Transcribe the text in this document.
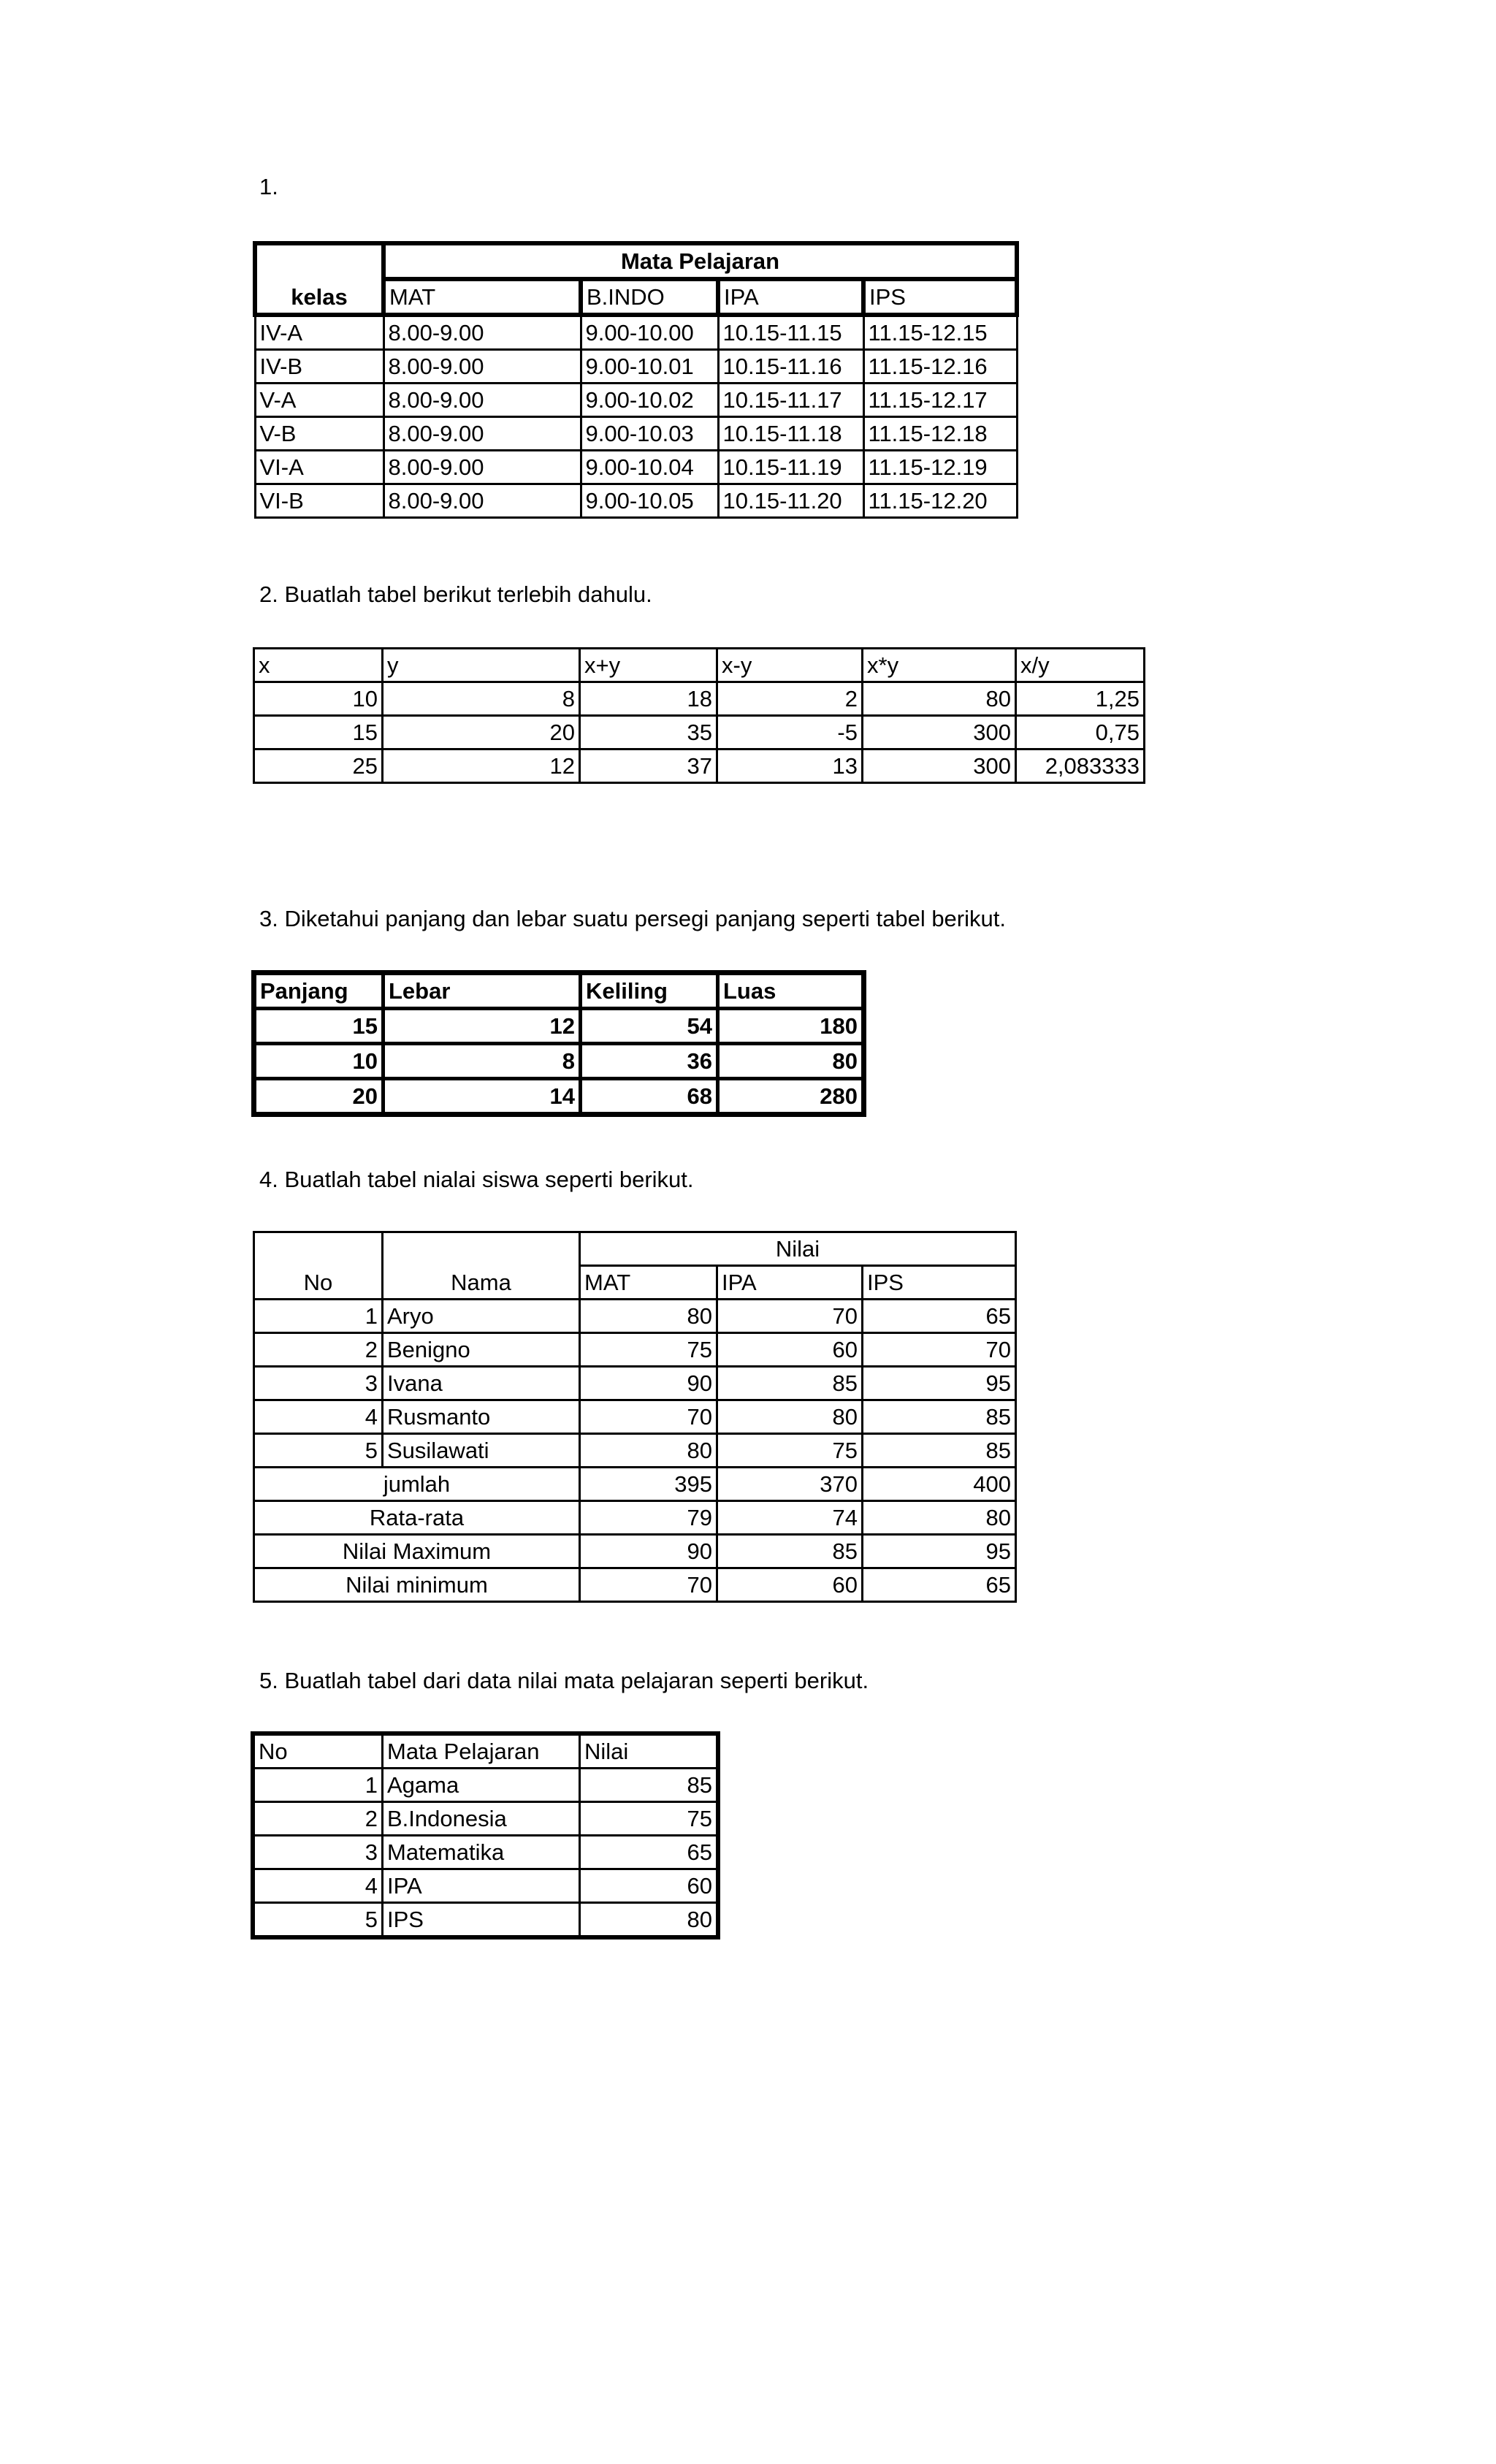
1.
kelas	Mata Pelajaran			
	MAT	B.INDO	IPA	IPS
IV-A	8.00-9.00	9.00-10.00	10.15-11.15	11.15-12.15
IV-B	8.00-9.00	9.00-10.01	10.15-11.16	11.15-12.16
V-A	8.00-9.00	9.00-10.02	10.15-11.17	11.15-12.17
V-B	8.00-9.00	9.00-10.03	10.15-11.18	11.15-12.18
VI-A	8.00-9.00	9.00-10.04	10.15-11.19	11.15-12.19
VI-B	8.00-9.00	9.00-10.05	10.15-11.20	11.15-12.20
2. Buatlah tabel berikut terlebih dahulu.
x	y	x+y	x-y	x*y	x/y
10	8	18	2	80	1,25
15	20	35	-5	300	0,75
25	12	37	13	300	2,083333
3. Diketahui panjang dan lebar suatu persegi panjang seperti tabel berikut.
Panjang	Lebar	Keliling	Luas
15	12	54	180
10	8	36	80
20	14	68	280
4. Buatlah tabel nialai siswa seperti berikut.
No	Nama	Nilai		
		MAT	IPA	IPS
1	Aryo	80	70	65
2	Benigno	75	60	70
3	Ivana	90	85	95
4	Rusmanto	70	80	85
5	Susilawati	80	75	85
jumlah		395	370	400
Rata-rata		79	74	80
Nilai Maximum		90	85	95
Nilai minimum		70	60	65
5. Buatlah tabel dari data nilai mata pelajaran seperti berikut.
No	Mata Pelajaran	Nilai
1	Agama	85
2	B.Indonesia	75
3	Matematika	65
4	IPA	60
5	IPS	80
